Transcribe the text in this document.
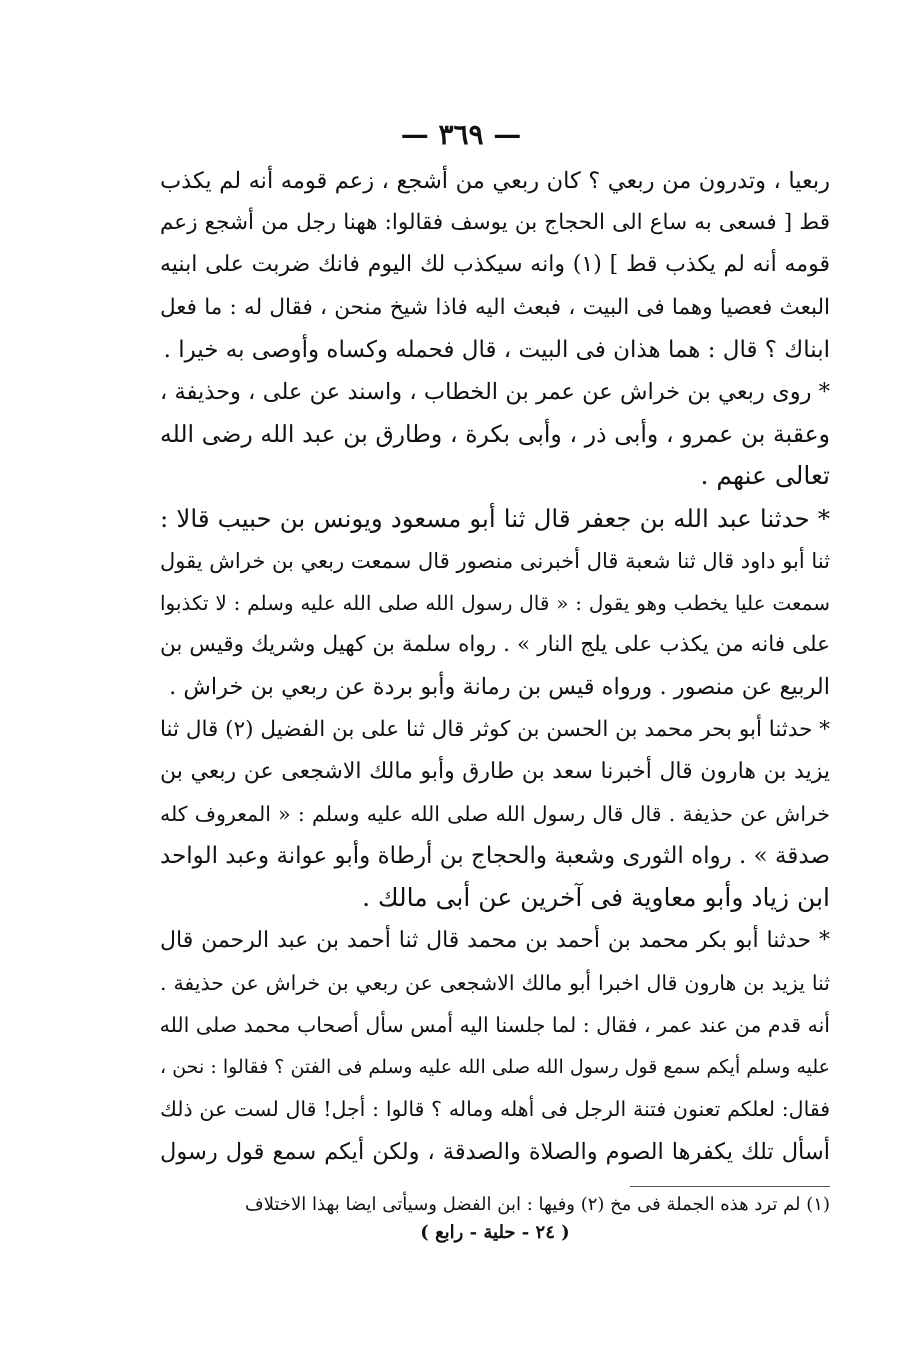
— ٣٦٩ —
ربعيا ، وتدرون من ربعي ؟ كان ربعي من أشجع ، زعم قومه أنه لم يكذب
قط [ فسعى به ساع الى الحجاج بن يوسف فقالوا: ههنا رجل من أشجع زعم
قومه أنه لم يكذب قط ] (١) وانه سيكذب لك اليوم فانك ضربت على ابنيه
البعث فعصيا وهما فى البيت ، فبعث اليه فاذا شيخ منحن ، فقال له : ما فعل
ابناك ؟ قال : هما هذان فى البيت ، قال فحمله وكساه وأوصى به خيرا .
* روى ربعي بن خراش عن عمر بن الخطاب ، واسند عن على ، وحذيفة ،
وعقبة بن عمرو ، وأبى ذر ، وأبى بكرة ، وطارق بن عبد الله رضى الله
تعالى عنهم .
* حدثنا عبد الله بن جعفر قال ثنا أبو مسعود ويونس بن حبيب قالا :
ثنا أبو داود قال ثنا شعبة قال أخبرنى منصور قال سمعت ربعي بن خراش يقول
سمعت عليا يخطب وهو يقول : « قال رسول الله صلى الله عليه وسلم : لا تكذبوا
على فانه من يكذب على يلج النار » . رواه سلمة بن كهيل وشريك وقيس بن
الربيع عن منصور . ورواه قيس بن رمانة وأبو بردة عن ربعي بن خراش .
* حدثنا أبو بحر محمد بن الحسن بن كوثر قال ثنا على بن الفضيل (٢) قال ثنا
يزيد بن هارون قال أخبرنا سعد بن طارق وأبو مالك الاشجعى عن ربعي بن
خراش عن حذيفة . قال قال رسول الله صلى الله عليه وسلم : « المعروف كله
صدقة » . رواه الثورى وشعبة والحجاج بن أرطاة وأبو عوانة وعبد الواحد
ابن زياد وأبو معاوية فى آخرين عن أبى مالك .
* حدثنا أبو بكر محمد بن أحمد بن محمد قال ثنا أحمد بن عبد الرحمن قال
ثنا يزيد بن هارون قال اخبرا أبو مالك الاشجعى عن ربعي بن خراش عن حذيفة .
أنه قدم من عند عمر ، فقال : لما جلسنا اليه أمس سأل أصحاب محمد صلى الله
عليه وسلم أيكم سمع قول رسول الله صلى الله عليه وسلم فى الفتن ؟ فقالوا : نحن ،
فقال: لعلكم تعنون فتنة الرجل فى أهله وماله ؟ قالوا : أجل! قال لست عن ذلك
أسأل تلك يكفرها الصوم والصلاة والصدقة ، ولكن أيكم سمع قول رسول
(١) لم ترد هذه الجملة فى مخ (٢) وفيها : ابن الفضل وسيأتى ايضا بهذا الاختلاف
( ٢٤ - حلية - رابع )
